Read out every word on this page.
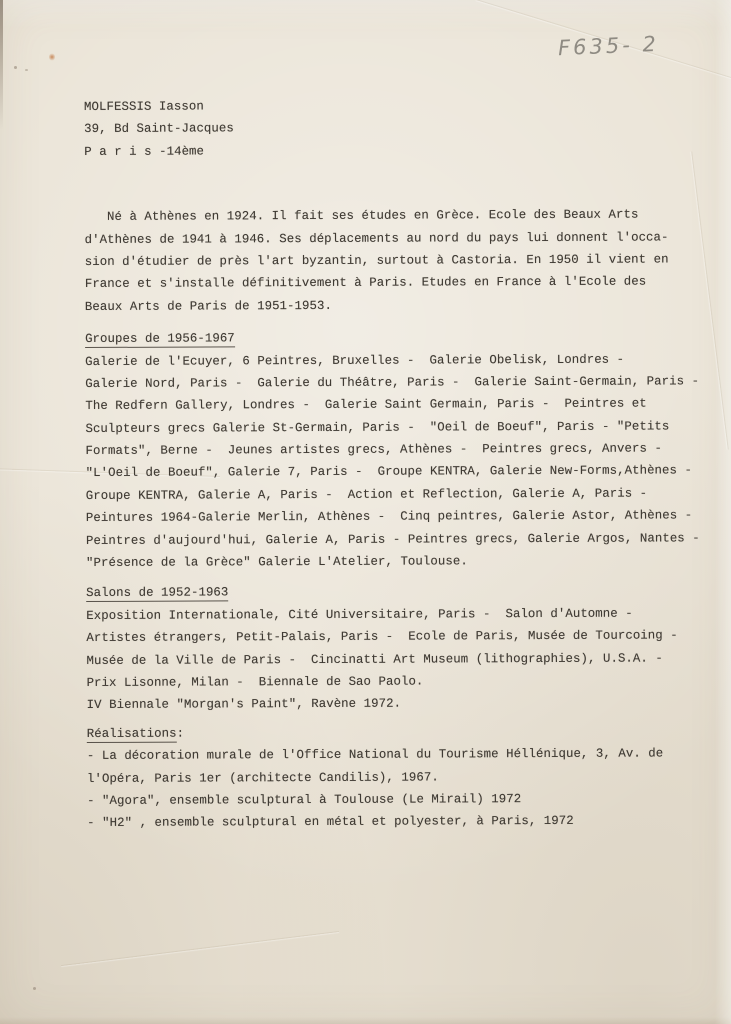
F635- 2
MOLFESSIS Iasson
39, Bd Saint-Jacques
P a r i s -14ème
Né à Athènes en 1924. Il fait ses études en Grèce. Ecole des Beaux Arts
d'Athènes de 1941 à 1946. Ses déplacements au nord du pays lui donnent l'occa-
sion d'étudier de près l'art byzantin, surtout à Castoria. En 1950 il vient en
France et s'installe définitivement à Paris. Etudes en France à l'Ecole des
Beaux Arts de Paris de 1951-1953.
Groupes de 1956-1967
Galerie de l'Ecuyer, 6 Peintres, Bruxelles -  Galerie Obelisk, Londres -
Galerie Nord, Paris -  Galerie du Théâtre, Paris -  Galerie Saint-Germain, Paris -
The Redfern Gallery, Londres -  Galerie Saint Germain, Paris -  Peintres et
Sculpteurs grecs Galerie St-Germain, Paris -  "Oeil de Boeuf", Paris - "Petits
Formats", Berne -  Jeunes artistes grecs, Athènes -  Peintres grecs, Anvers -
"L'Oeil de Boeuf", Galerie 7, Paris -  Groupe KENTRA, Galerie New-Forms,Athènes -
Groupe KENTRA, Galerie A, Paris -  Action et Reflection, Galerie A, Paris -
Peintures 1964-Galerie Merlin, Athènes -  Cinq peintres, Galerie Astor, Athènes -
Peintres d'aujourd'hui, Galerie A, Paris - Peintres grecs, Galerie Argos, Nantes -
"Présence de la Grèce" Galerie L'Atelier, Toulouse.
Salons de 1952-1963
Exposition Internationale, Cité Universitaire, Paris -  Salon d'Automne -
Artistes étrangers, Petit-Palais, Paris -  Ecole de Paris, Musée de Tourcoing -
Musée de la Ville de Paris -  Cincinatti Art Museum (lithographies), U.S.A. -
Prix Lisonne, Milan -  Biennale de Sao Paolo.
IV Biennale "Morgan's Paint", Ravène 1972.
Réalisations:
- La décoration murale de l'Office National du Tourisme Héllénique, 3, Av. de
l'Opéra, Paris 1er (architecte Candilis), 1967.
- "Agora", ensemble sculptural à Toulouse (Le Mirail) 1972
- "H2" , ensemble sculptural en métal et polyester, à Paris, 1972
